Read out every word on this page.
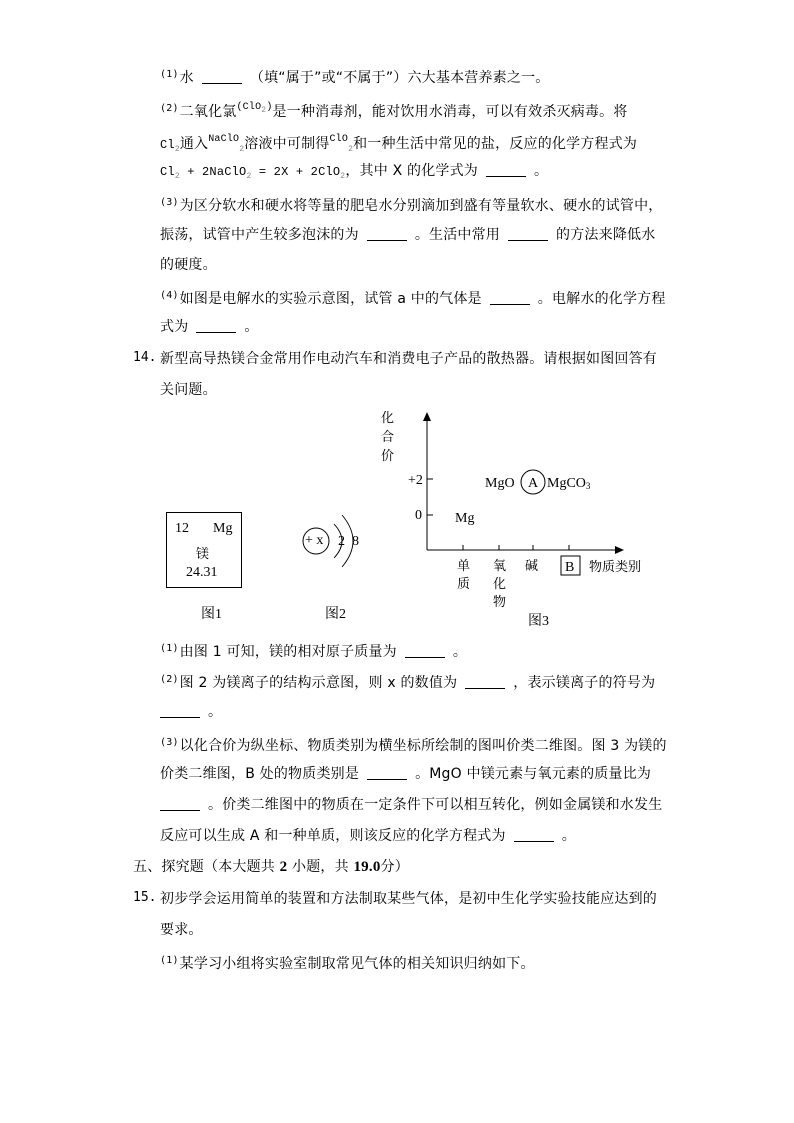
$^{(1)}$水	（填“属于”或“不属于”）六大基本营养素之一。
$^{(2)}$二氧化氯$^{(ClO_2)}$是一种消毒剂，能对饮用水消毒，可以有效杀灭病毒。将
$Cl_2$通入$^{NaClO}_2$溶液中可制得$^{ClO}_2$和一种生活中常见的盐，反应的化学方程式为
$Cl_2$ + 2NaClO$_2$ = 2X + 2ClO$_2$，其中 X 的化学式为	。
$^{(3)}$为区分软水和硬水将等量的肥皂水分别滴加到盛有等量软水、硬水的试管中，
振荡，试管中产生较多泡沫的为	。生活中常用	的方法来降低水
的硬度。
$^{(4)}$如图是电解水的实验示意图，试管 a 中的气体是	。电解水的化学方程
式为	。
14. 新型高导热镁合金常用作电动汽车和消费电子产品的散热器。请根据如图回答有
关问题。
12 Mg
镁
24.31
图1
+ x 2 8
图2
+2
0
化
合
价
单
质
氧
化
物
碱	物质类别
B
Mg
MgO A MgCO3
图3
$^{(1)}$由图 1 可知，镁的相对原子质量为	。
$^{(2)}$图 2 为镁离子的结构示意图，则 x 的数值为	，表示镁离子的符号为
。
$^{(3)}$以化合价为纵坐标、物质类别为横坐标所绘制的图叫价类二维图。图 3 为镁的
价类二维图，B 处的物质类别是	。MgO 中镁元素与氧元素的质量比为
。价类二维图中的物质在一定条件下可以相互转化，例如金属镁和水发生
反应可以生成 A 和一种单质，则该反应的化学方程式为	。
五、探究题（本大题共 2 小题，共 19.0分）
15. 初步学会运用简单的装置和方法制取某些气体，是初中生化学实验技能应达到的
要求。
$^{(1)}$某学习小组将实验室制取常见气体的相关知识归纳如下。
